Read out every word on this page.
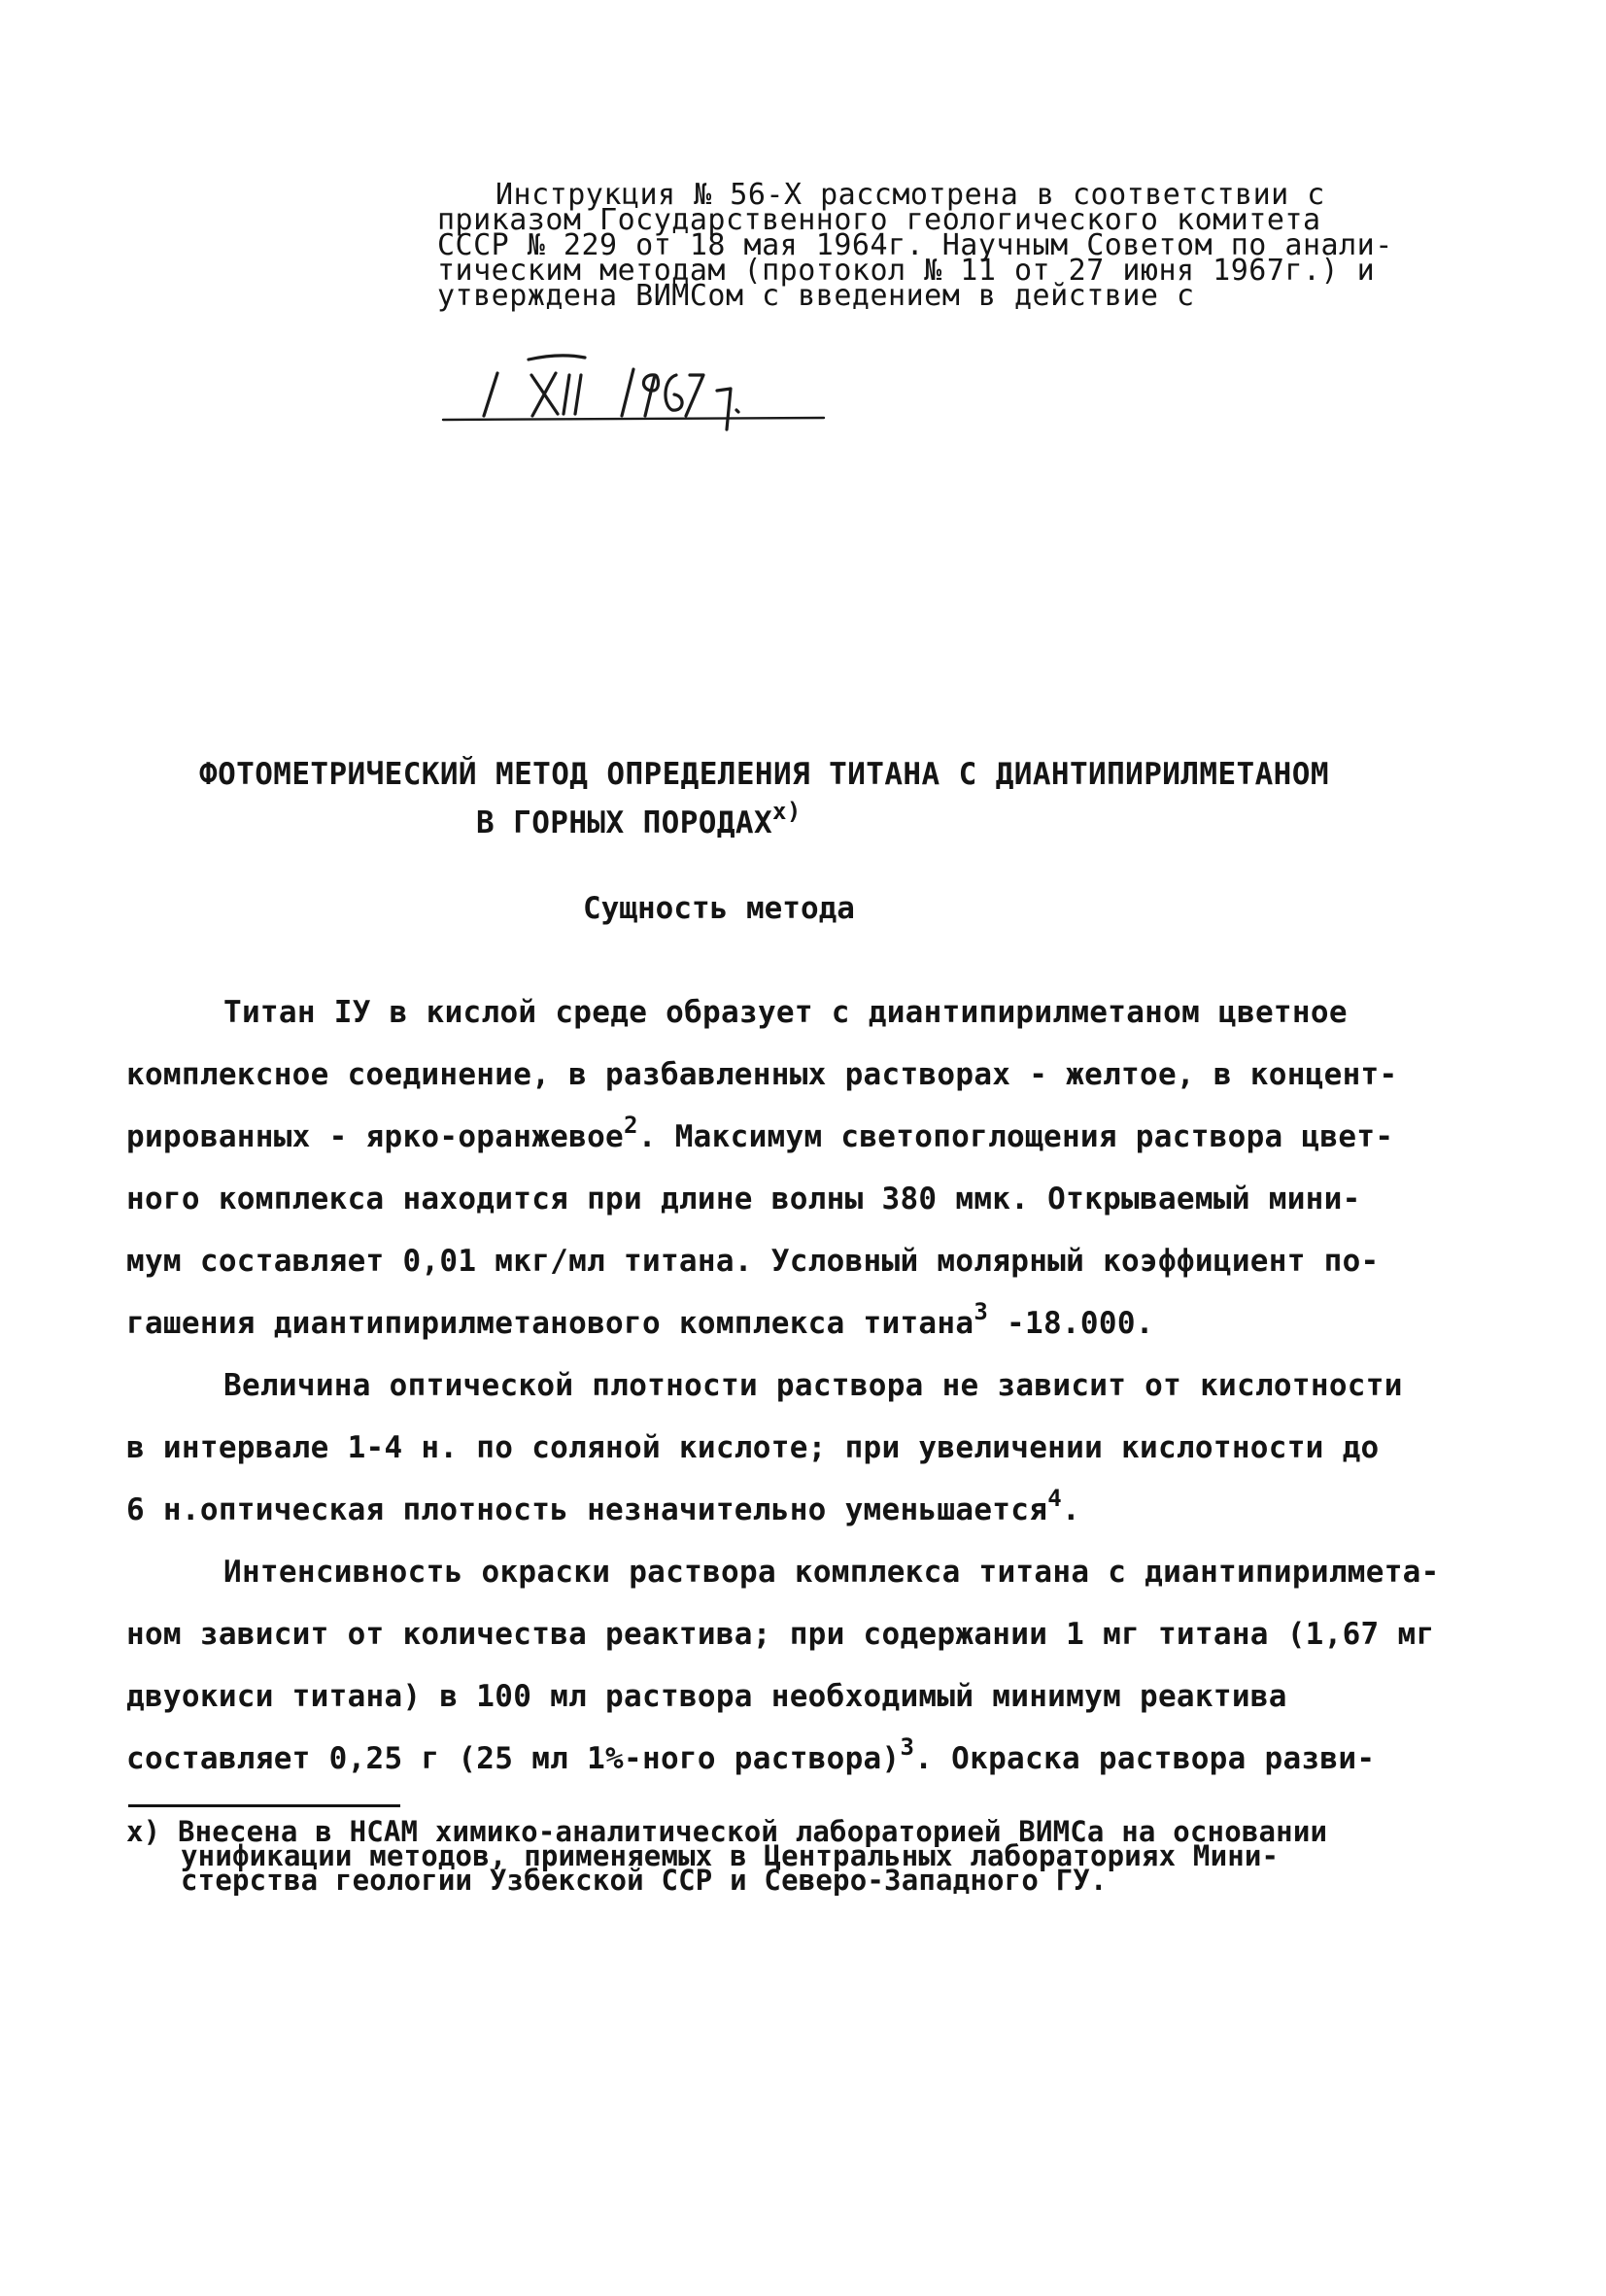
Инструкция № 56-Х рассмотрена в соответствии с
приказом Государственного геологического комитета
СССР № 229 от 18 мая 1964г. Научным Советом по анали-
тическим методам (протокол № 11 от 27 июня 1967г.) и
утверждена ВИМСом с введением в действие с
ФОТОМЕТРИЧЕСКИЙ МЕТОД ОПРЕДЕЛЕНИЯ ТИТАНА С ДИАНТИПИРИЛМЕТАНОМ
В ГОРНЫХ $ПОРОДАХ^{х)}$
Сущность метода
Титан IУ в кислой среде образует с диантипирилметаном цветное
комплексное соединение, в разбавленных растворах - желтое, в концент-
рированных - ярко-оранжевое$^2$. Максимум светопоглощения раствора цвет-
ного комплекса находится при длине волны 380 ммк. Открываемый мини-
мум составляет 0,01 мкг/мл титана. Условный молярный коэффициент по-
гашения диантипирилметанового комплекса титана$^3$ -18.000.
Величина оптической плотности раствора не зависит от кислотности
в интервале 1-4 н. по соляной кислоте; при увеличении кислотности до
6 н.оптическая плотность незначительно уменьшается$^4$.
Интенсивность окраски раствора комплекса титана с диантипирилмета-
ном зависит от количества реактива; при содержании 1 мг титана (1,67 мг
двуокиси титана) в 100 мл раствора необходимый минимум реактива
составляет 0,25 г (25 мл 1%-ного раствора)$^3$. Окраска раствора разви-
х) Внесена в НСАМ химико-аналитической лабораторией ВИМСа на основании
унификации методов, применяемых в Центральных лабораториях Мини-
стерства геологии Узбекской ССР и Северо-Западного ГУ.
